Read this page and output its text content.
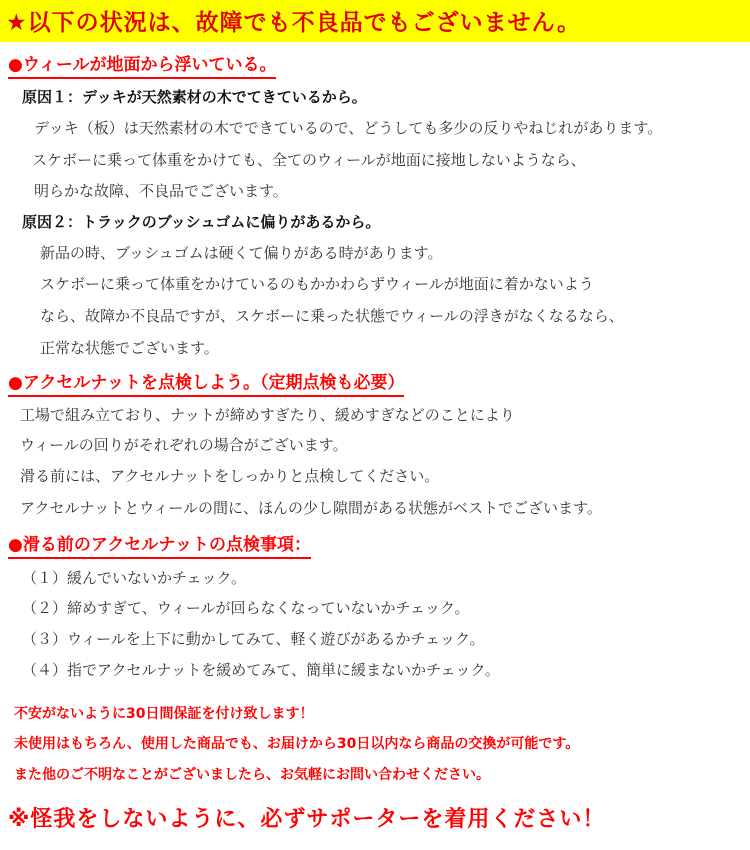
★以下の状況は、故障でも不良品でもございません。
●ウィールが地面から浮いている。
原因１：デッキが天然素材の木でてきているから。
デッキ（板）は天然素材の木でできているので、どうしても多少の反りやねじれがあります。
スケボーに乗って体重をかけても、全てのウィールが地面に接地しないようなら、
明らかな故障、不良品でございます。
原因２：トラックのブッシュゴムに偏りがあるから。
新品の時、ブッシュゴムは硬くて偏りがある時があります。
スケボーに乗って体重をかけているのもかかわらずウィールが地面に着かないよう
なら、故障か不良品ですが、スケボーに乗った状態でウィールの浮きがなくなるなら、
正常な状態でございます。
●アクセルナットを点検しよう。（定期点検も必要）
工場で組み立ており、ナットが締めすぎたり、緩めすぎなどのことにより
ウィールの回りがそれぞれの場合がございます。
滑る前には、アクセルナットをしっかりと点検してください。
アクセルナットとウィールの間に、ほんの少し隙間がある状態がベストでございます。
●滑る前のアクセルナットの点検事項：
（１）緩んでいないかチェック。
（２）締めすぎて、ウィールが回らなくなっていないかチェック。
（３）ウィールを上下に動かしてみて、軽く遊びがあるかチェック。
（４）指でアクセルナットを緩めてみて、簡単に緩まないかチェック。
不安がないように30日間保証を付け致します！
未使用はもちろん、使用した商品でも、お届けから30日以内なら商品の交換が可能です。
また他のご不明なことがございましたら、お気軽にお問い合わせください。
※怪我をしないように、必ずサポーターを着用ください！
